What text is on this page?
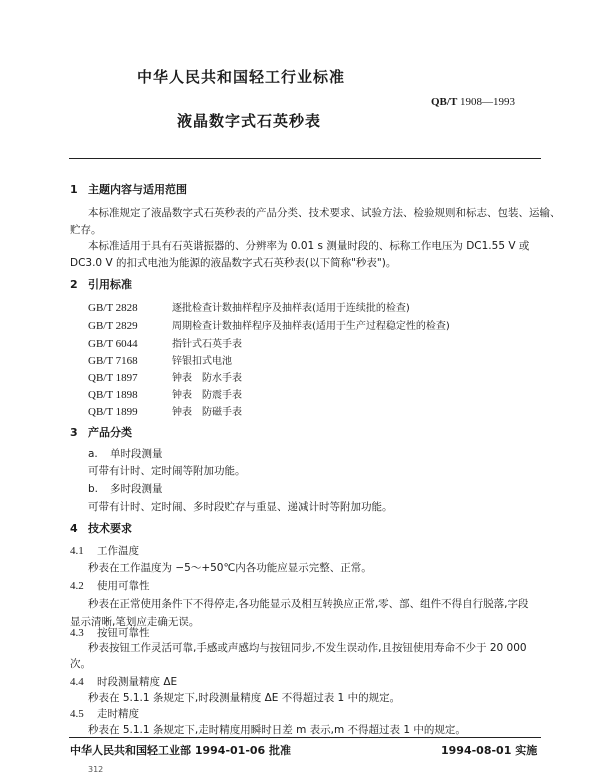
中华人民共和国轻工行业标准
QB/T 1908—1993
液晶数字式石英秒表
1 主题内容与适用范围
本标准规定了液晶数字式石英秒表的产品分类、技术要求、试验方法、检验规则和标志、包装、运输、
贮存。
本标准适用于具有石英谐振器的、分辨率为 0.01 s 测量时段的、标称工作电压为 DC1.55 V 或
DC3.0 V 的扣式电池为能源的液晶数字式石英秒表(以下简称"秒表")。
2 引用标准
GB/T 2828	逐批检查计数抽样程序及抽样表(适用于连续批的检查)
GB/T 2829	周期检查计数抽样程序及抽样表(适用于生产过程稳定性的检查)
GB/T 6044	指针式石英手表
GB/T 7168	锌银扣式电池
QB/T 1897	钟表　防水手表
QB/T 1898	钟表　防震手表
QB/T 1899	钟表　防磁手表
3 产品分类
a. 单时段测量
可带有计时、定时闹等附加功能。
b. 多时段测量
可带有计时、定时闹、多时段贮存与重显、递减计时等附加功能。
4 技术要求
4.1 工作温度
秒表在工作温度为 −5～+50℃内各功能应显示完整、正常。
4.2 使用可靠性
秒表在正常使用条件下不得停走,各功能显示及相互转换应正常,零、部、组件不得自行脱落,字段
显示清晰,笔划应走确无误。
4.3 按钮可靠性
秒表按钮工作灵活可靠,手感或声感均与按钮同步,不发生误动作,且按钮使用寿命不少于 20 000
次。
4.4 时段测量精度 ΔE
秒表在 5.1.1 条规定下,时段测量精度 ΔE 不得超过表 1 中的规定。
4.5 走时精度
秒表在 5.1.1 条规定下,走时精度用瞬时日差 m 表示,m 不得超过表 1 中的规定。
中华人民共和国轻工业部 1994-01-06 批准	1994-08-01 实施
312
